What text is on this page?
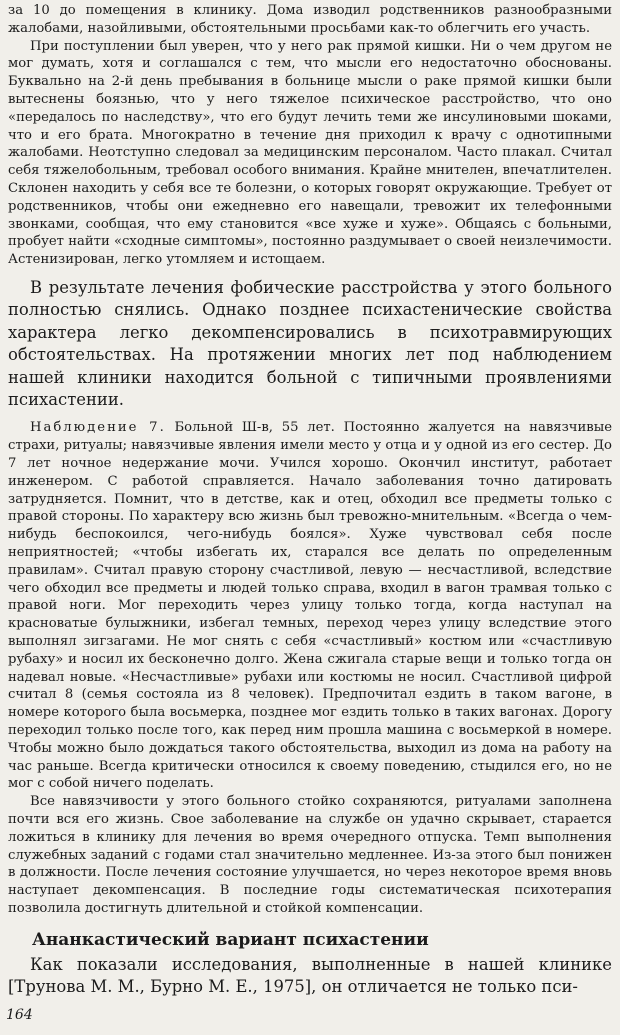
за 10 до помещения в клинику. Дома изводил родственников разнообразными жалобами, назойливыми, обстоятельными просьбами как-то облегчить его участь.

При поступлении был уверен, что у него рак прямой кишки. Ни о чем другом не мог думать, хотя и соглашался с тем, что мысли его недостаточно обоснованы. Буквально на 2-й день пребывания в больнице мысли о раке прямой кишки были вытеснены боязнью, что у него тяжелое психическое расстройство, что оно «передалось по наследству», что его будут лечить теми же инсулиновыми шоками, что и его брата. Многократно в течение дня приходил к врачу с однотипными жалобами. Неотступно следовал за медицинским персоналом. Часто плакал. Считал себя тяжелобольным, требовал особого внимания. Крайне мнителен, впечатлителен. Склонен находить у себя все те болезни, о которых говорят окружающие. Требует от родственников, чтобы они ежедневно его навещали, тревожит их телефонными звонками, сообщая, что ему становится «все хуже и хуже». Общаясь с больными, пробует найти «сходные симптомы», постоянно раздумывает о своей неизлечимости. Астенизирован, легко утомляем и истощаем.

В результате лечения фобические расстройства у этого больного полностью снялись. Однако позднее психастенические свойства характера легко декомпенсировались в психотравмирующих обстоятельствах. На протяжении многих лет под наблюдением нашей клиники находится больной с типичными проявлениями психастении.

Наблюдение 7. Больной Ш-в, 55 лет. Постоянно жалуется на навязчивые страхи, ритуалы; навязчивые явления имели место у отца и у одной из его сестер. До 7 лет ночное недержание мочи. Учился хорошо. Окончил институт, работает инженером. С работой справляется. Начало заболевания точно датировать затрудняется. Помнит, что в детстве, как и отец, обходил все предметы только с правой стороны. По характеру всю жизнь был тревожно-мнительным. «Всегда о чем-нибудь беспокоился, чего-нибудь боялся». Хуже чувствовал себя после неприятностей; «чтобы избегать их, старался все делать по определенным правилам». Считал правую сторону счастливой, левую — несчастливой, вследствие чего обходил все предметы и людей только справа, входил в вагон трамвая только с правой ноги. Мог переходить через улицу только тогда, когда наступал на красноватые булыжники, избегал темных, переход через улицу вследствие этого выполнял зигзагами. Не мог снять с себя «счастливый» костюм или «счастливую рубаху» и носил их бесконечно долго. Жена сжигала старые вещи и только тогда он надевал новые. «Несчастливые» рубахи или костюмы не носил. Счастливой цифрой считал 8 (семья состояла из 8 человек). Предпочитал ездить в таком вагоне, в номере которого была восьмерка, позднее мог ездить только в таких вагонах. Дорогу переходил только после того, как перед ним прошла машина с восьмеркой в номере. Чтобы можно было дождаться такого обстоятельства, выходил из дома на работу на час раньше. Всегда критически относился к своему поведению, стыдился его, но не мог с собой ничего поделать.

Все навязчивости у этого больного стойко сохраняются, ритуалами заполнена почти вся его жизнь. Свое заболевание на службе он удачно скрывает, старается ложиться в клинику для лечения во время очередного отпуска. Темп выполнения служебных заданий с годами стал значительно медленнее. Из-за этого был понижен в должности. После лечения состояние улучшается, но через некоторое время вновь наступает декомпенсация. В последние годы систематическая психотерапия позволила достигнуть длительной и стойкой компенсации.

Ананкастический вариант психастении

Как показали исследования, выполненные в нашей клинике [Трунова М. М., Бурно М. Е., 1975], он отличается не только пси-

164
